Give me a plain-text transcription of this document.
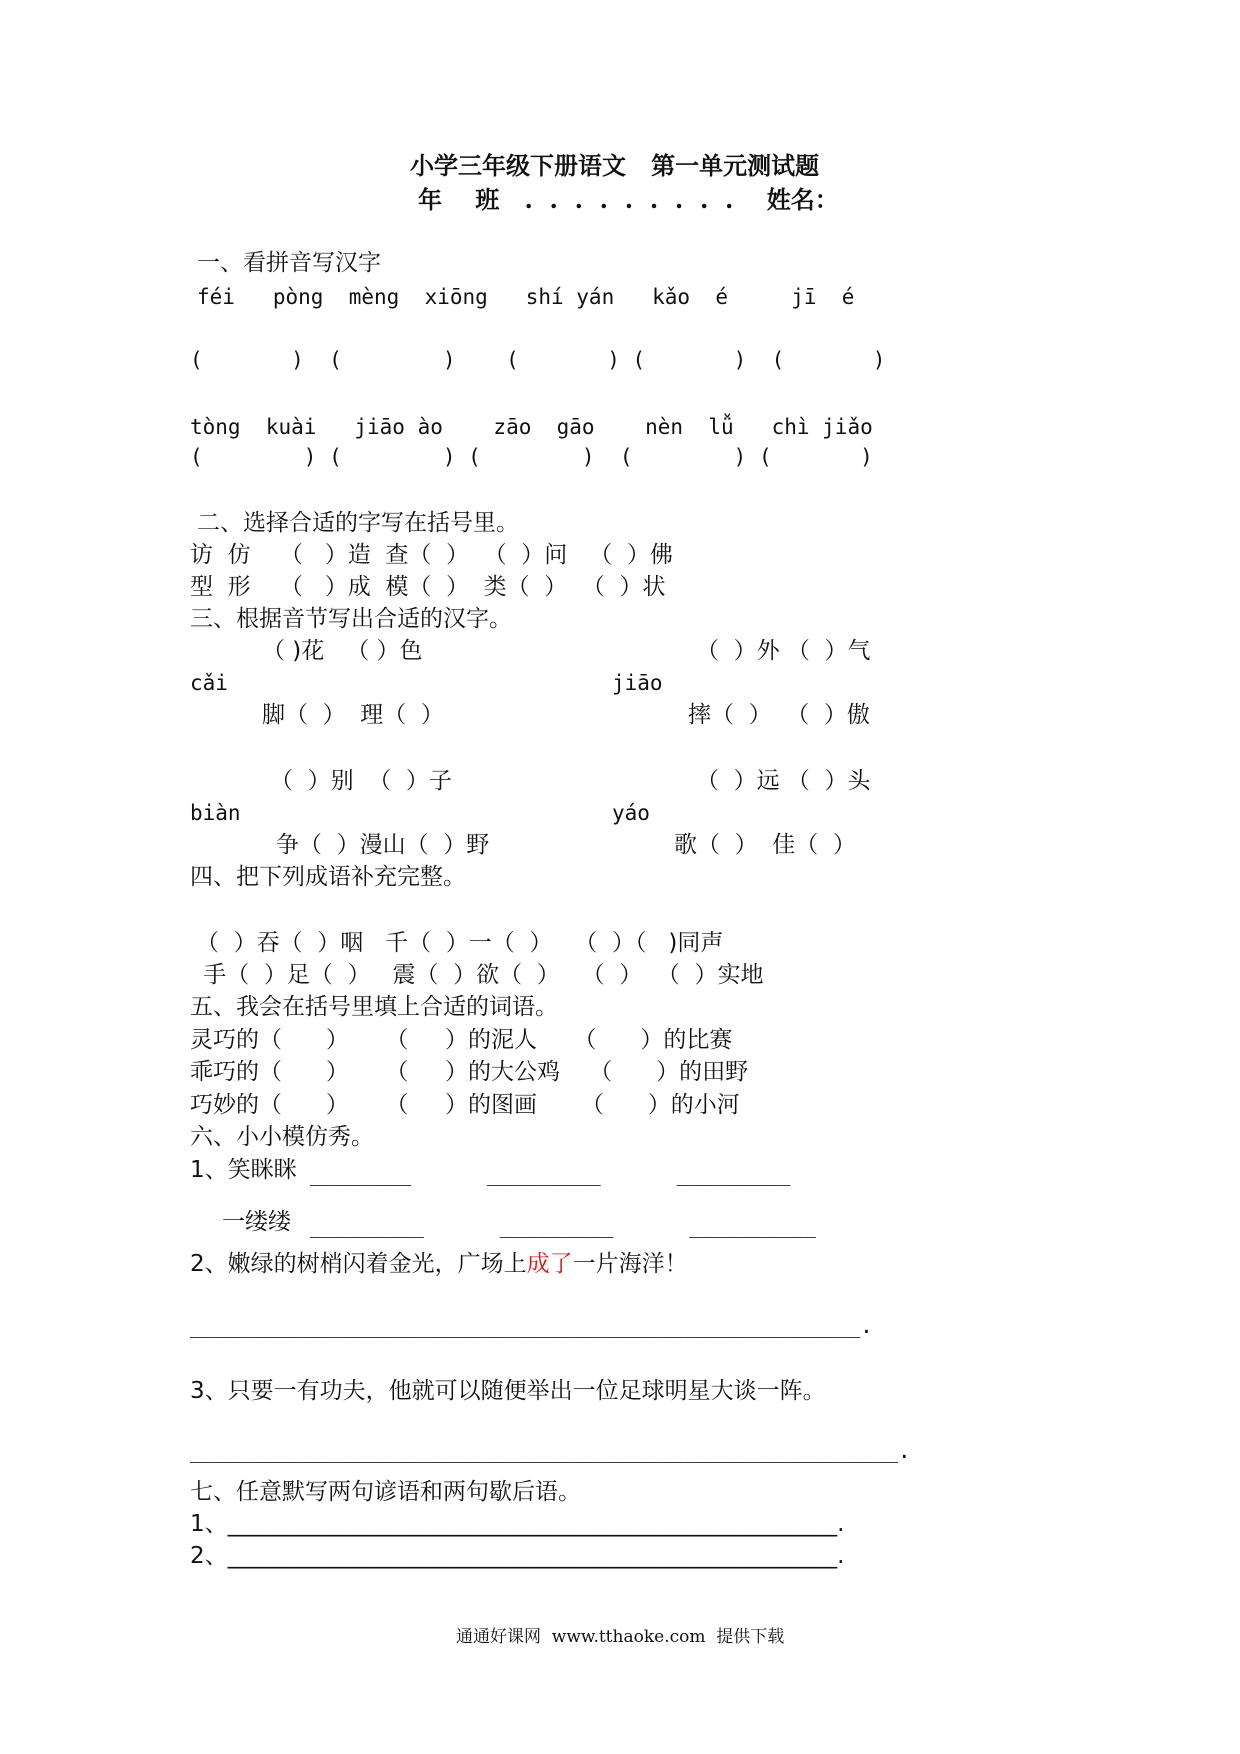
小学三年级下册语文   第一单元测试题
年    班   .  .  .  .  .  .  .  .  .    姓名：
一、看拼音写汉字
féi   pòng  mèng  xiōng   shí yán   kǎo  é     jī  é
(       )  (        )    (       ) (       )  (       )
tòng  kuài   jiāo ào    zāo  gāo    nèn  lǚ   chì jiǎo
(        ) (        ) (        )  (        ) (       )
二、选择合适的字写在括号里。
访  仿    （   ）造  查（  ）  （  ）问   （  ）佛
型  形    （   ）成  模（  ）  类（  ）  （  ）状
三、根据音节写出合适的汉字。
（ )花   （ ）色	（  ）外 （  ）气
cǎi	jiāo
脚（  ）  理（  ）	摔（  ）  （  ）傲
（  ）别  （  ）子	（  ）远 （  ）头
biàn	yáo
争（  ）漫山（  ）野	歌（  ）  佳（  ）
四、把下列成语补充完整。
（  ）吞（  ）咽   千（  ）一（  ）   （  ）（   )同声
手（  ）足（  ）   震（  ）欲（  ）   （  ）  （  ）实地
五、我会在括号里填上合适的词语。
灵巧的（      ）     （     ）的泥人     （      ）的比赛
乖巧的（      ）     （     ）的大公鸡    （      ）的田野
巧妙的（      ）     （     ）的图画      （      ）的小河
六、小小模仿秀。
1、笑眯眯 ________      _________      _________
一缕缕 _________      _________      __________
2、嫩绿的树梢闪着金光，广场上成了一片海洋！
_____________________________________________________.
3、只要一有功夫，他就可以随便举出一位足球明星大谈一阵。
________________________________________________________.
七、任意默写两句谚语和两句歇后语。
1、_____________________________________________________.
2、_____________________________________________________.
通通好课网  www.tthaoke.com  提供下载
